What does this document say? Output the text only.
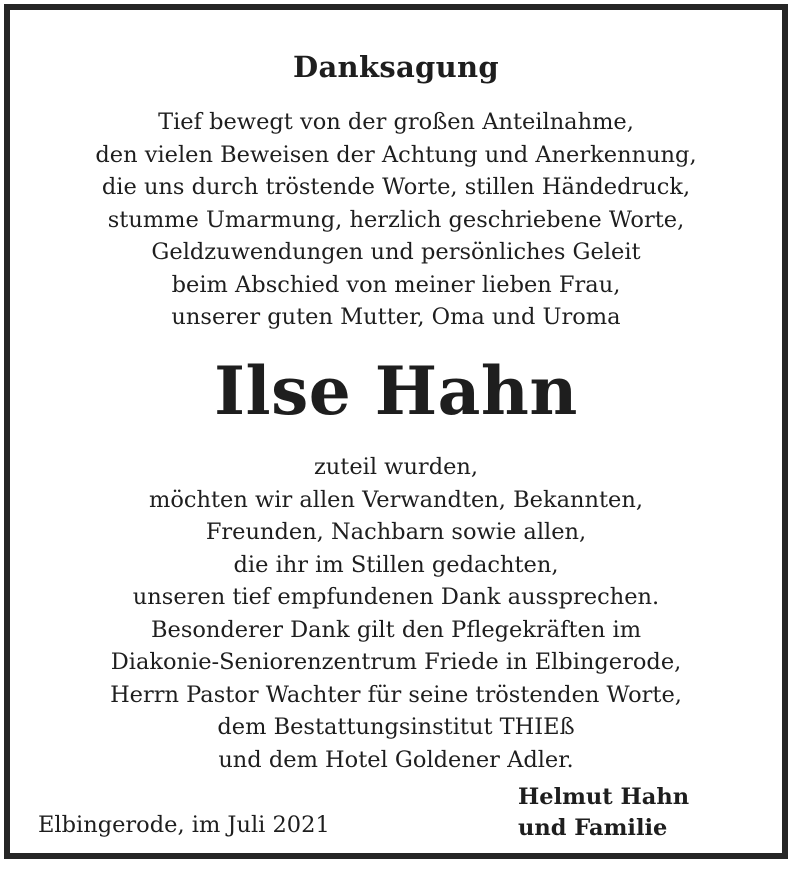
Danksagung
Tief bewegt von der großen Anteilnahme,
den vielen Beweisen der Achtung und Anerkennung,
die uns durch tröstende Worte, stillen Händedruck,
stumme Umarmung, herzlich geschriebene Worte,
Geldzuwendungen und persönliches Geleit
beim Abschied von meiner lieben Frau,
unserer guten Mutter, Oma und Uroma
Ilse Hahn
zuteil wurden,
möchten wir allen Verwandten, Bekannten,
Freunden, Nachbarn sowie allen,
die ihr im Stillen gedachten,
unseren tief empfundenen Dank aussprechen.
Besonderer Dank gilt den Pflegekräften im
Diakonie-Seniorenzentrum Friede in Elbingerode,
Herrn Pastor Wachter für seine tröstenden Worte,
dem Bestattungsinstitut THIEß
und dem Hotel Goldener Adler.
Elbingerode, im Juli 2021
Helmut Hahn
und Familie
